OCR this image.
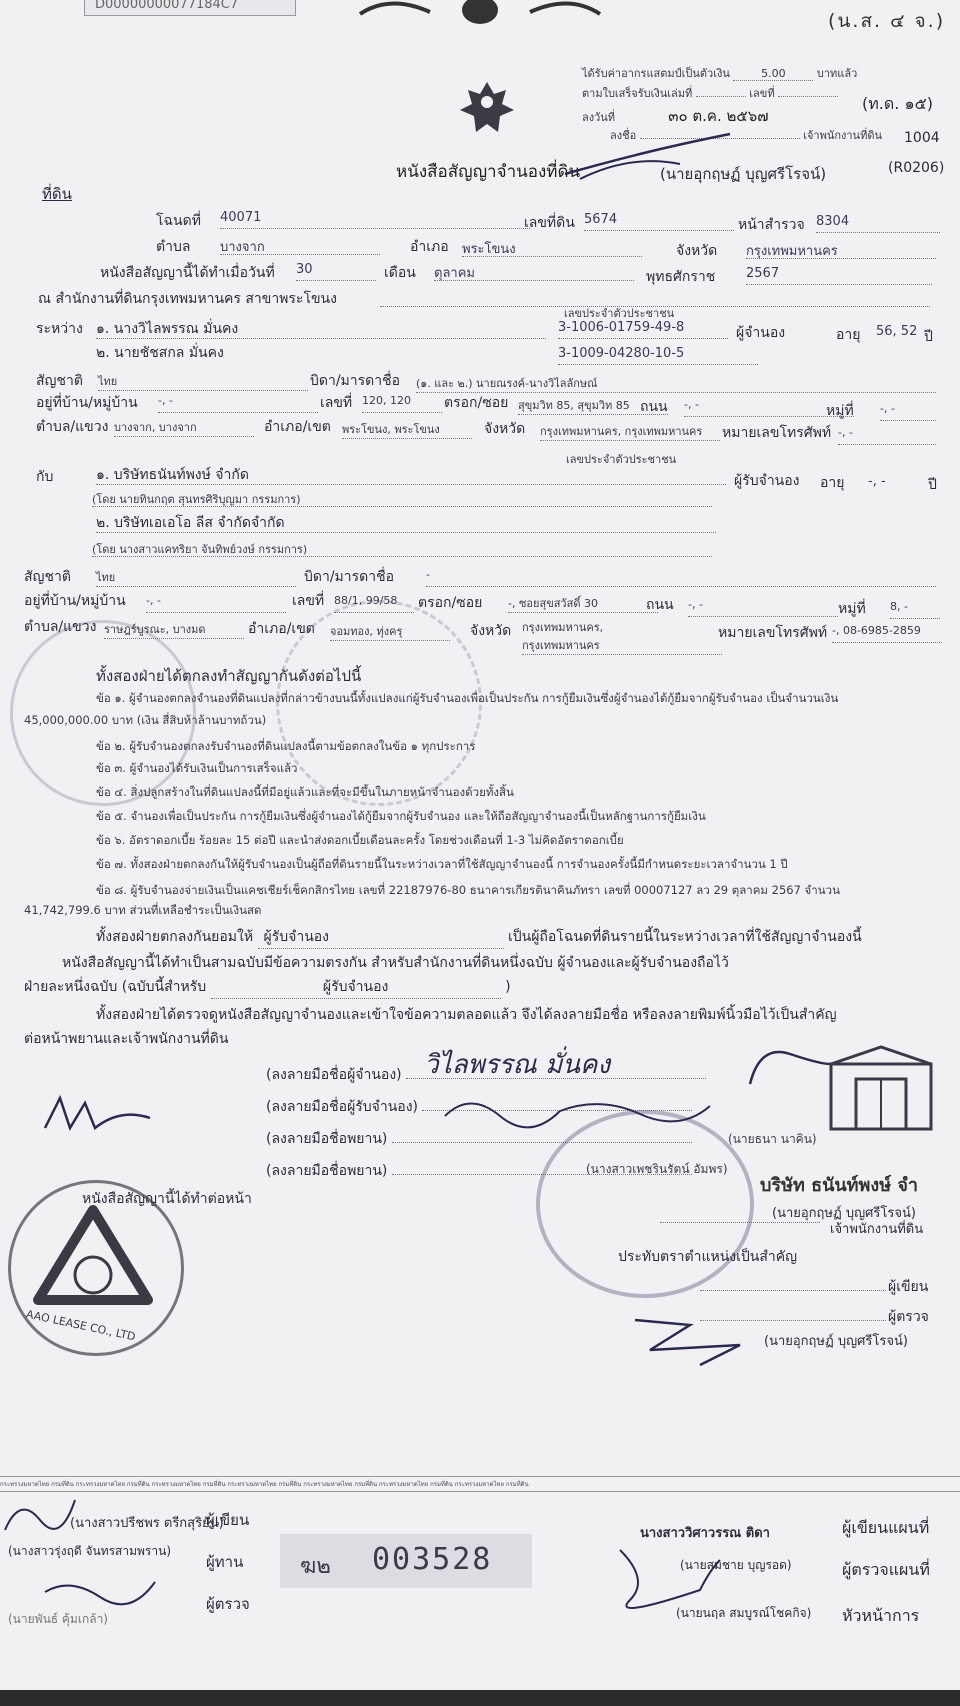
D00000000077184C7
(น.ส. ๔ จ.)
ได้รับค่าอากรแสตมป์เป็นตัวเงิน	5.00	บาทแล้ว
ตามใบเสร็จรับเงินเล่มที่	เลขที่
ลงวันที่	๓๐ ต.ค. ๒๕๖๗
ลงชื่อ	เจ้าพนักงานที่ดิน
(ท.ด. ๑๕)
1004
(R0206)
หนังสือสัญญาจำนองที่ดิน	(นายอุกฤษฏ์ บุญศรีโรจน์)
ที่ดิน
โฉนดที่ 40071	เลขที่ดิน 5674	หน้าสำรวจ 8304
ตำบล บางจาก	อำเภอ พระโขนง	จังหวัด กรุงเทพมหานคร
หนังสือสัญญานี้ได้ทำเมื่อวันที่ 30	เดือน ตุลาคม	พุทธศักราช 2567
ณ สำนักงานที่ดินกรุงเทพมหานคร สาขาพระโขนง
เลขประจำตัวประชาชน
ระหว่าง ๑. นางวิไลพรรณ มั่นคง	3-1006-01759-49-8	ผู้จำนอง	อายุ 56, 52 ปี
๒. นายชัชสกล มั่นคง	3-1009-04280-10-5
สัญชาติ ไทย	บิดา/มารดาชื่อ (๑. และ ๒.) นายณรงค์-นางวิไลลักษณ์
อยู่ที่บ้าน/หมู่บ้าน -, -	เลขที่ 120, 120	ตรอก/ซอย สุขุมวิท 85, สุขุมวิท 85 ถนน -, -	หมู่ที่ -, -
ตำบล/แขวง บางจาก, บางจาก	อำเภอ/เขต พระโขนง, พระโขนง	จังหวัด กรุงเทพมหานคร, กรุงเทพมหานคร	หมายเลขโทรศัพท์ -, -
เลขประจำตัวประชาชน
กับ	๑. บริษัทธนันท์พงษ์ จำกัด	ผู้รับจำนอง อายุ -, -	ปี
(โดย นายทินกฤต สุนทรศิริบุญมา กรรมการ)
๒. บริษัทเอเอโอ ลีส จำกัดจำกัด
(โดย นางสาวแคทริยา จันทิพย์วงษ์ กรรมการ)
สัญชาติ ไทย	บิดา/มารดาชื่อ	-
อยู่ที่บ้าน/หมู่บ้าน -, -	เลขที่ 88/1, 99/58	ตรอก/ซอย -, ซอยสุขสวัสดิ์ 30	ถนน -, -	หมู่ที่ 8, -
ตำบล/แขวง ราษฎร์บูรณะ, บางมด	อำเภอ/เขต จอมทอง, ทุ่งครุ	จังหวัด กรุงเทพมหานคร,
กรุงเทพมหานคร
หมายเลขโทรศัพท์ -, 08-6985-2859
ทั้งสองฝ่ายได้ตกลงทำสัญญากันดังต่อไปนี้
ข้อ ๑. ผู้จำนองตกลงจำนองที่ดินแปลงที่กล่าวข้างบนนี้ทั้งแปลงแก่ผู้รับจำนองเพื่อเป็นประกัน การกู้ยืมเงินซึ่งผู้จำนองได้กู้ยืมจากผู้รับจำนอง เป็นจำนวนเงิน
45,000,000.00 บาท (เงิน สี่สิบห้าล้านบาทถ้วน)
ข้อ ๒. ผู้รับจำนองตกลงรับจำนองที่ดินแปลงนี้ตามข้อตกลงในข้อ ๑ ทุกประการ
ข้อ ๓. ผู้จำนองได้รับเงินเป็นการเสร็จแล้ว
ข้อ ๔. สิ่งปลูกสร้างในที่ดินแปลงนี้ที่มีอยู่แล้วและที่จะมีขึ้นในภายหน้าจำนองด้วยทั้งสิ้น
ข้อ ๕. จำนองเพื่อเป็นประกัน การกู้ยืมเงินซึ่งผู้จำนองได้กู้ยืมจากผู้รับจำนอง และให้ถือสัญญาจำนองนี้เป็นหลักฐานการกู้ยืมเงิน
ข้อ ๖. อัตราดอกเบี้ย ร้อยละ 15 ต่อปี และนำส่งดอกเบี้ยเดือนละครั้ง โดยช่วงเดือนที่ 1-3 ไม่คิดอัตราดอกเบี้ย
ข้อ ๗. ทั้งสองฝ่ายตกลงกันให้ผู้รับจำนองเป็นผู้ถือที่ดินรายนี้ในระหว่างเวลาที่ใช้สัญญาจำนองนี้ การจำนองครั้งนี้มีกำหนดระยะเวลาจำนวน 1 ปี
ข้อ ๘. ผู้รับจำนองจ่ายเงินเป็นแคชเชียร์เช็คกสิกรไทย เลขที่ 22187976-80 ธนาคารเกียรตินาคินภัทรา เลขที่ 00007127 ลว 29 ตุลาคม 2567 จำนวน
41,742,799.6 บาท ส่วนที่เหลือชำระเป็นเงินสด
ทั้งสองฝ่ายตกลงกันยอมให้ ผู้รับจำนอง	เป็นผู้ถือโฉนดที่ดินรายนี้ในระหว่างเวลาที่ใช้สัญญาจำนองนี้
หนังสือสัญญานี้ได้ทำเป็นสามฉบับมีข้อความตรงกัน สำหรับสำนักงานที่ดินหนึ่งฉบับ ผู้จำนองและผู้รับจำนองถือไว้
ฝ่ายละหนึ่งฉบับ (ฉบับนี้สำหรับ	ผู้รับจำนอง	)
ทั้งสองฝ่ายได้ตรวจดูหนังสือสัญญาจำนองและเข้าใจข้อความตลอดแล้ว จึงได้ลงลายมือชื่อ หรือลงลายพิมพ์นิ้วมือไว้เป็นสำคัญ
ต่อหน้าพยานและเจ้าพนักงานที่ดิน
(ลงลายมือชื่อผู้จำนอง) วิไลพรรณ มั่นคง
(ลงลายมือชื่อผู้รับจำนอง)
(ลงลายมือชื่อพยาน)
(ลงลายมือชื่อพยาน)
(นายธนา นาคิน)
(นางสาวเพชรินรัตน์ อัมพร)
บริษัท ธนันท์พงษ์ จำ
หนังสือสัญญานี้ได้ทำต่อหน้า
(นายอุกฤษฏ์ บุญศรีโรจน์)
เจ้าพนักงานที่ดิน
ประทับตราตำแหน่งเป็นสำคัญ
ผู้เขียน
ผู้ตรวจ
(นายอุกฤษฏ์ บุญศรีโรจน์)
AAO LEASE CO., LTD
กระทรวงมหาดไทย กรมที่ดิน กระทรวงมหาดไทย กรมที่ดิน กระทรวงมหาดไทย กรมที่ดิน กระทรวงมหาดไทย กรมที่ดิน กระทรวงมหาดไทย กรมที่ดิน กระทรวงมหาดไทย กรมที่ดิน กระทรวงมหาดไทย กรมที่ดิน
(นางสาวปรีชพร ตรีกสุริยัน)
ผู้เขียน
(นางสาวรุ่งฤดี จันทรสามพราน)
ผู้ทาน
ผู้ตรวจ
(นายพันธ์ คุ้มเกล้า)
ฆ๒ 003528
นางสาววิศาวรรณ ติดา	ผู้เขียนแผนที่
(นายสมชาย บุญรอด)	ผู้ตรวจแผนที่
(นายนฤล สมบูรณ์โชคกิจ) หัวหน้าการ
